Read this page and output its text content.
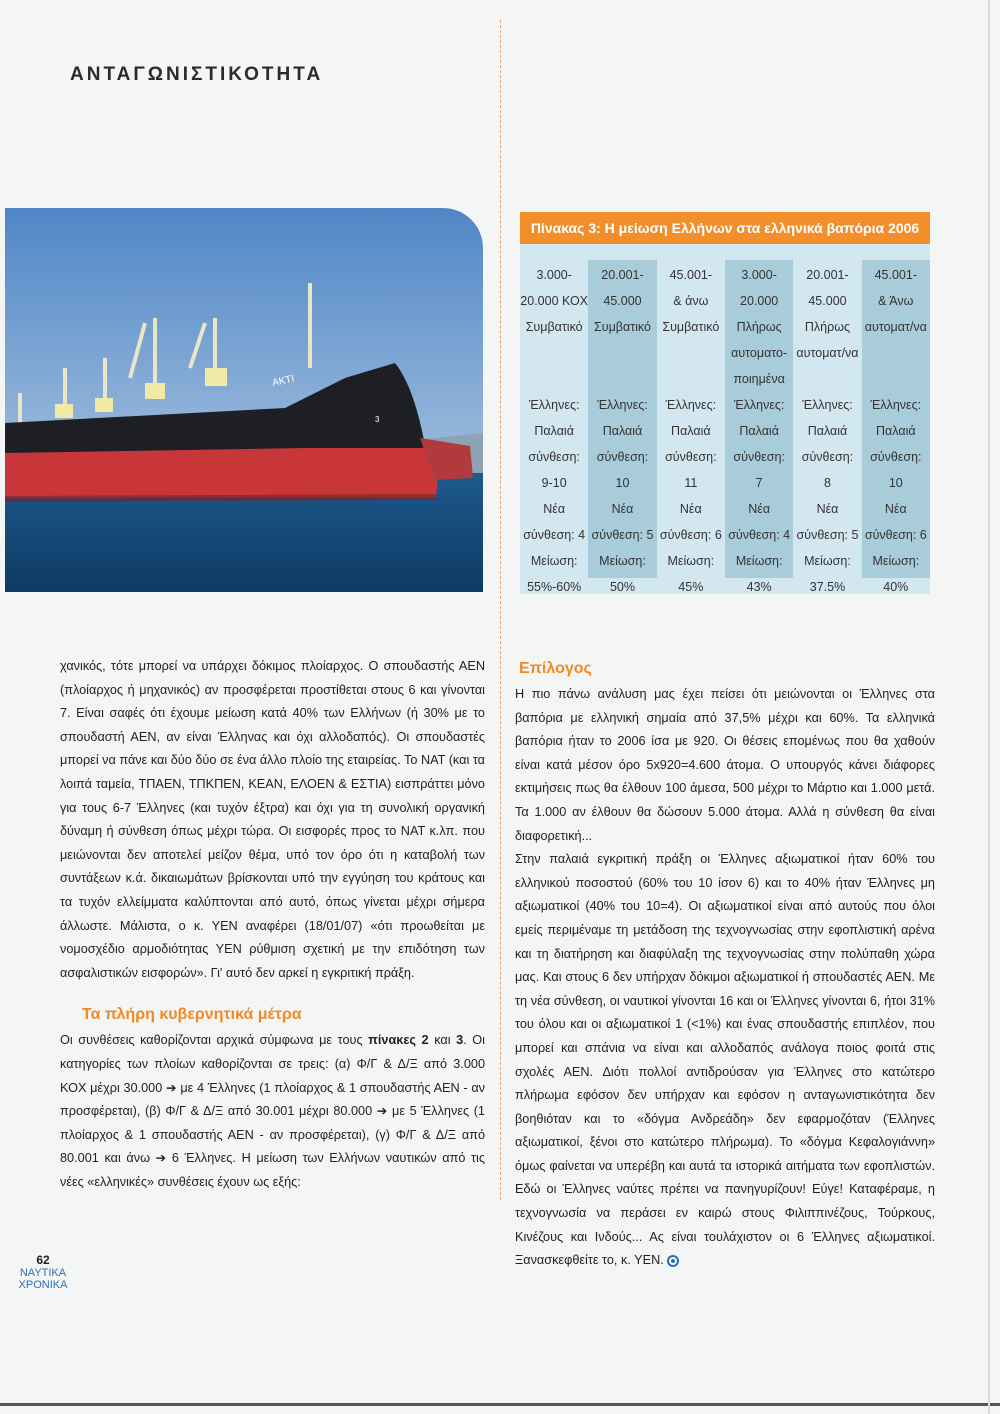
ΑΝΤΑΓΩΝΙΣΤΙΚΟΤΗΤΑ
AKTI
3
Πίνακας 3: Η μείωση Ελλήνων στα ελληνικά βαπόρια 2006
3.000-
20.000 ΚΟΧ
Συμβατικό

Έλληνες:
Παλαιά
σύνθεση:
9-10
Νέα
σύνθεση: 4
Μείωση:
55%-60%
20.001-
45.000
Συμβατικό

Έλληνες:
Παλαιά
σύνθεση:
10
Νέα
σύνθεση: 5
Μείωση:
50%
45.001-
& άνω
Συμβατικό

Έλληνες:
Παλαιά
σύνθεση:
11
Νέα
σύνθεση: 6
Μείωση:
45%
3.000-
20.000
Πλήρως
αυτοματο-
ποιημένα
Έλληνες:
Παλαιά
σύνθεση:
7
Νέα
σύνθεση: 4
Μείωση:
43%
20.001-
45.000
Πλήρως
αυτοματ/να

Έλληνες:
Παλαιά
σύνθεση:
8
Νέα
σύνθεση: 5
Μείωση:
37.5%
45.001-
& Άνω
αυτοματ/να

Έλληνες:
Παλαιά
σύνθεση:
10
Νέα
σύνθεση: 6
Μείωση:
40%

χανικός, τότε μπορεί να υπάρχει δόκιμος πλοίαρχος. Ο σπουδαστής ΑΕΝ (πλοίαρχος ή μηχανικός) αν προσφέρεται προστίθεται στους 6 και γίνονται 7. Είναι σαφές ότι έχουμε μείωση κατά 40% των Ελλήνων (ή 30% με το σπουδαστή ΑΕΝ, αν είναι Έλληνας και όχι αλλοδαπός). Οι σπουδαστές μπορεί να πάνε και δύο δύο σε ένα άλλο πλοίο της εταιρείας. Το ΝΑΤ (και τα λοιπά ταμεία, ΤΠΑΕΝ, ΤΠΚΠΕΝ, ΚΕΑΝ, ΕΛΟΕΝ & ΕΣΤΙΑ) εισπράττει μόνο για τους 6-7 Έλληνες (και τυχόν έξτρα) και όχι για τη συνολική οργανική δύναμη ή σύνθεση όπως μέχρι τώρα. Οι εισφορές προς το ΝΑΤ κ.λπ. που μειώνονται δεν αποτελεί μείζον θέμα, υπό τον όρο ότι η καταβολή των συντάξεων κ.ά. δικαιωμάτων βρίσκονται υπό την εγγύηση του κράτους και τα τυχόν ελλείμματα καλύπτονται από αυτό, όπως γίνεται μέχρι σήμερα άλλωστε. Μάλιστα, ο κ. ΥΕΝ αναφέρει (18/01/07) «ότι προωθείται με νομοσχέδιο αρμοδιότητας ΥΕΝ ρύθμιση σχετική με την επιδότηση των ασφαλιστικών εισφορών». Γι' αυτό δεν αρκεί η εγκριτική πράξη.

Τα πλήρη κυβερνητικά μέτρα

Οι συνθέσεις καθορίζονται αρχικά σύμφωνα με τους πίνακες 2 και 3. Οι κατηγορίες των πλοίων καθορίζονται σε τρεις: (α) Φ/Γ & Δ/Ξ από 3.000 ΚΟΧ μέχρι 30.000 ➔ με 4 Έλληνες (1 πλοίαρχος & 1 σπουδαστής ΑΕΝ - αν προσφέρεται), (β) Φ/Γ & Δ/Ξ από 30.001 μέχρι 80.000 ➔ με 5 Έλληνες (1 πλοίαρχος & 1 σπουδαστής ΑΕΝ - αν προσφέρεται), (γ) Φ/Γ & Δ/Ξ από 80.001 και άνω ➔ 6 Έλληνες. Η μείωση των Ελλήνων ναυτικών από τις νέες «ελληνικές» συνθέσεις έχουν ως εξής:

Επίλογος

Η πιο πάνω ανάλυση μας έχει πείσει ότι μειώνονται οι Έλληνες στα βαπόρια με ελληνική σημαία από 37,5% μέχρι και 60%. Τα ελληνικά βαπόρια ήταν το 2006 ίσα με 920. Οι θέσεις επομένως που θα χαθούν είναι κατά μέσον όρο 5x920=4.600 άτομα. Ο υπουργός κάνει διάφορες εκτιμήσεις πως θα έλθουν 100 άμεσα, 500 μέχρι το Μάρτιο και 1.000 μετά. Τα 1.000 αν έλθουν θα δώσουν 5.000 άτομα. Αλλά η σύνθεση θα είναι διαφορετική...

Στην παλαιά εγκριτική πράξη οι Έλληνες αξιωματικοί ήταν 60% του ελληνικού ποσοστού (60% του 10 ίσον 6) και το 40% ήταν Έλληνες μη αξιωματικοί (40% του 10=4). Οι αξιωματικοί είναι από αυτούς που όλοι εμείς περιμέναμε τη μετάδοση της τεχνογνωσίας στην εφοπλιστική αρένα και τη διατήρηση και διαφύλαξη της τεχνογνωσίας στην πολύπαθη χώρα μας. Και στους 6 δεν υπήρχαν δόκιμοι αξιωματικοί ή σπουδαστές ΑΕΝ. Με τη νέα σύνθεση, οι ναυτικοί γίνονται 16 και οι Έλληνες γίνονται 6, ήτοι 31% του όλου και οι αξιωματικοί 1 (<1%) και ένας σπουδαστής επιπλέον, που μπορεί και σπάνια να είναι και αλλοδαπός ανάλογα ποιος φοιτά στις σχολές ΑΕΝ. Διότι πολλοί αντιδρούσαν για Έλληνες στο κατώτερο πλήρωμα εφόσον δεν υπήρχαν και εφόσον η ανταγωνιστικότητα δεν βοηθιόταν και το «δόγμα Ανδρεάδη» δεν εφαρμοζόταν (Έλληνες αξιωματικοί, ξένοι στο κατώτερο πλήρωμα). Το «δόγμα Κεφαλογιάννη» όμως φαίνεται να υπερέβη και αυτά τα ιστορικά αιτήματα των εφοπλιστών. Εδώ οι Έλληνες ναύτες πρέπει να πανηγυρίζουν! Εύγε! Καταφέραμε, η τεχνογνωσία να περάσει εν καιρώ στους Φιλιππινέζους, Τούρκους, Κινέζους και Ινδούς... Ας είναι τουλάχιστον οι 6 Έλληνες αξιωματικοί. Ξανασκεφθείτε το, κ. ΥΕΝ.

62
ΝΑΥΤΙΚΑ
ΧΡΟΝΙΚΑ
